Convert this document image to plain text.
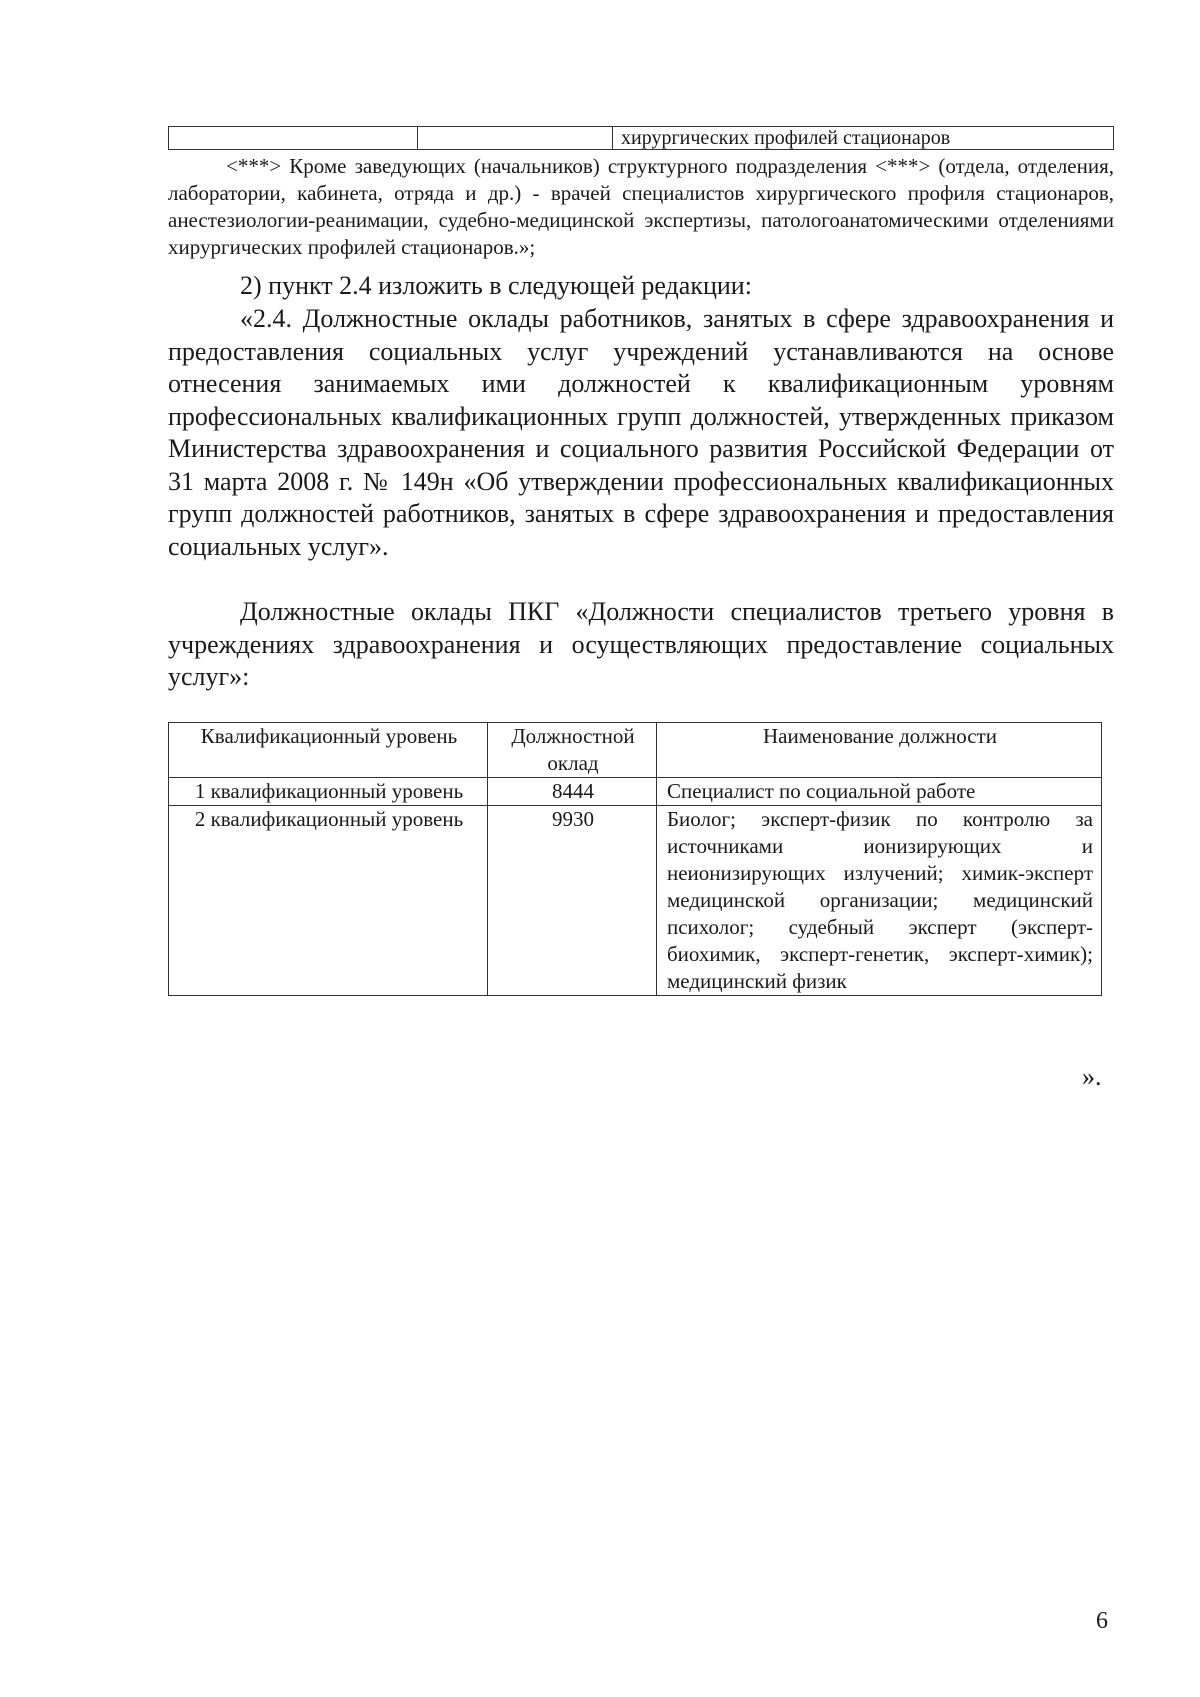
		хирургических профилей стационаров
<***> Кроме заведующих (начальников) структурного подразделения <***> (отдела, отделения, лаборатории, кабинета, отряда и др.) - врачей специалистов хирургического профиля стационаров, анестезиологии-реанимации, судебно-медицинской экспертизы, патологоанатомическими отделениями хирургических профилей стационаров.»;
2) пункт 2.4 изложить в следующей редакции:
«2.4. Должностные оклады работников, занятых в сфере здравоохранения и предоставления социальных услуг учреждений устанавливаются на основе отнесения занимаемых ими должностей к квалификационным уровням профессиональных квалификационных групп должностей, утвержденных приказом Министерства здравоохранения и социального развития Российской Федерации от 31 марта 2008 г. № 149н «Об утверждении профессиональных квалификационных групп должностей работников, занятых в сфере здравоохранения и предоставления социальных услуг».
Должностные оклады ПКГ «Должности специалистов третьего уровня в учреждениях здравоохранения и осуществляющих предоставление социальных услуг»:
Квалификационный уровень	Должностной оклад	Наименование должности
1 квалификационный уровень	8444	Специалист по социальной работе
2 квалификационный уровень	9930	Биолог; эксперт-физик по контролю за источниками ионизирующих и неионизирующих излучений; химик-эксперт медицинской организации; медицинский психолог; судебный эксперт (эксперт-биохимик, эксперт-генетик, эксперт-химик); медицинский физик
».
6
